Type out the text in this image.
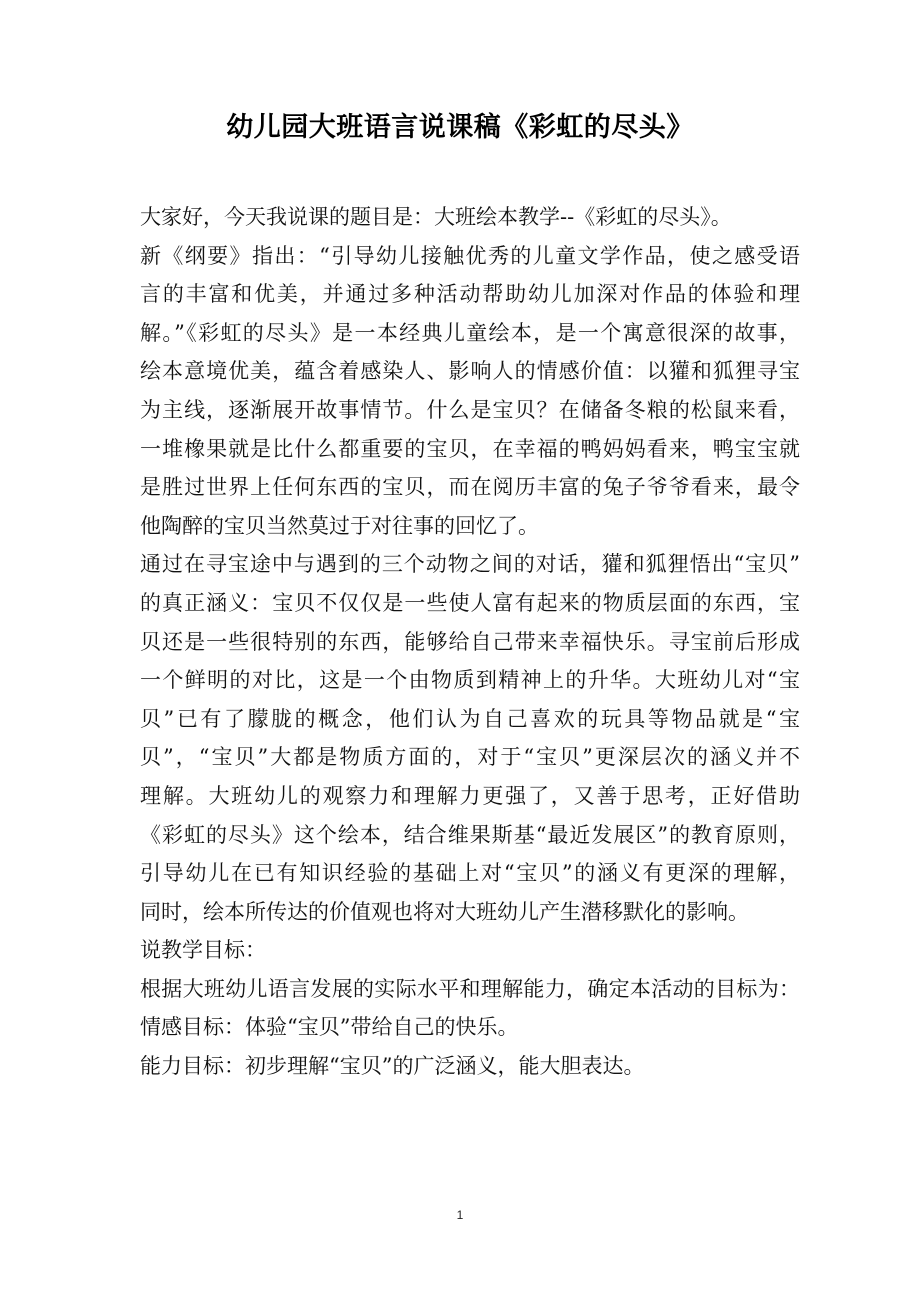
幼儿园大班语言说课稿《彩虹的尽头》
大家好，今天我说课的题目是：大班绘本教学--《彩虹的尽头》。
新《纲要》指出：“引导幼儿接触优秀的儿童文学作品，使之感受语
言的丰富和优美，并通过多种活动帮助幼儿加深对作品的体验和理
解。”《彩虹的尽头》是一本经典儿童绘本，是一个寓意很深的故事，
绘本意境优美，蕴含着感染人、影响人的情感价值：以獾和狐狸寻宝
为主线，逐渐展开故事情节。什么是宝贝？在储备冬粮的松鼠来看，
一堆橡果就是比什么都重要的宝贝，在幸福的鸭妈妈看来，鸭宝宝就
是胜过世界上任何东西的宝贝，而在阅历丰富的兔子爷爷看来，最令
他陶醉的宝贝当然莫过于对往事的回忆了。
通过在寻宝途中与遇到的三个动物之间的对话，獾和狐狸悟出“宝贝”
的真正涵义：宝贝不仅仅是一些使人富有起来的物质层面的东西，宝
贝还是一些很特别的东西，能够给自己带来幸福快乐。寻宝前后形成
一个鲜明的对比，这是一个由物质到精神上的升华。大班幼儿对“宝
贝”已有了朦胧的概念，他们认为自己喜欢的玩具等物品就是“宝
贝”，“宝贝”大都是物质方面的，对于“宝贝”更深层次的涵义并不
理解。大班幼儿的观察力和理解力更强了，又善于思考，正好借助
《彩虹的尽头》这个绘本，结合维果斯基“最近发展区”的教育原则，
引导幼儿在已有知识经验的基础上对“宝贝”的涵义有更深的理解，
同时，绘本所传达的价值观也将对大班幼儿产生潜移默化的影响。
说教学目标：
根据大班幼儿语言发展的实际水平和理解能力，确定本活动的目标为：
情感目标：体验“宝贝”带给自己的快乐。
能力目标：初步理解“宝贝”的广泛涵义，能大胆表达。
1
